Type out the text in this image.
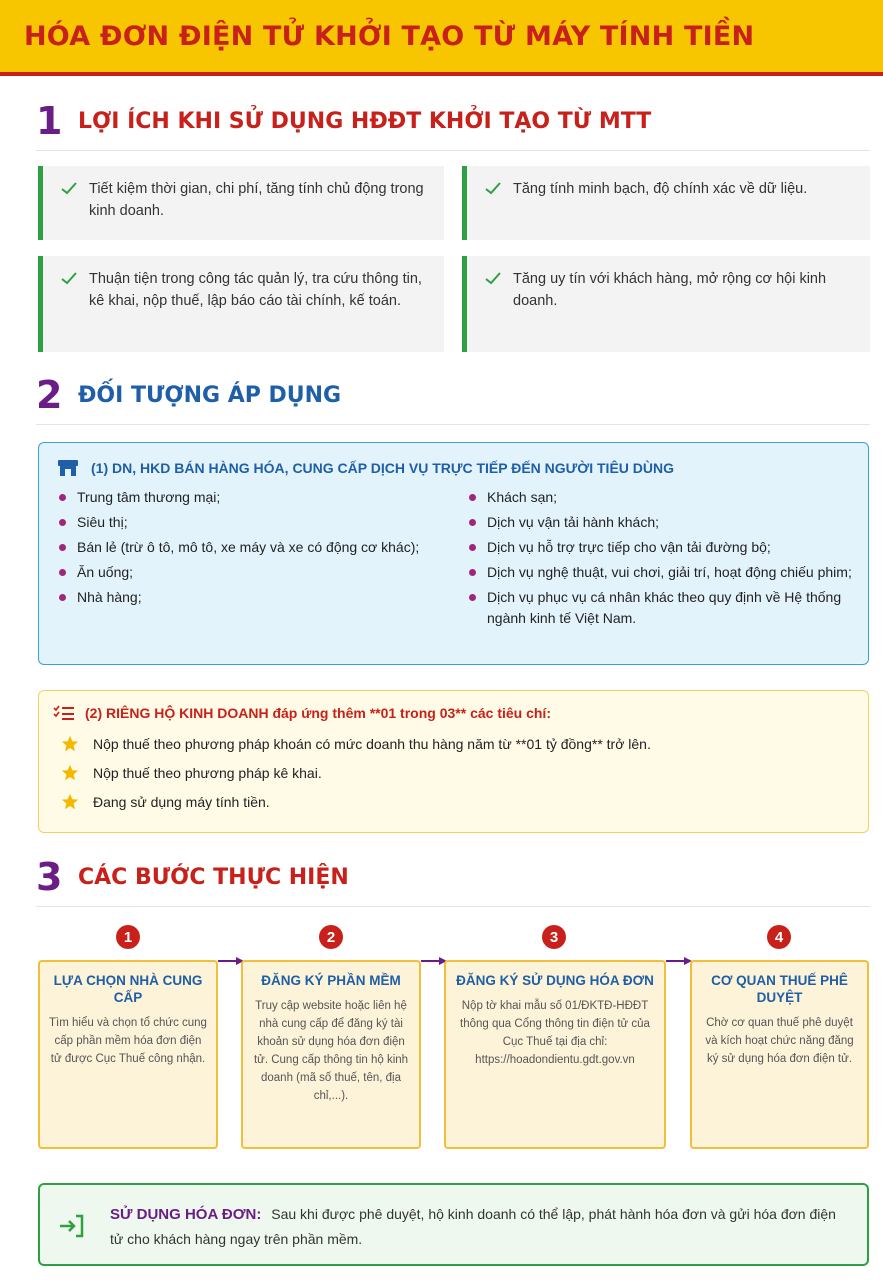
HÓA ĐƠN ĐIỆN TỬ KHỞI TẠO TỪ MÁY TÍNH TIỀN
1 LỢI ÍCH KHI SỬ DỤNG HĐĐT KHỞI TẠO TỪ MTT
Tiết kiệm thời gian, chi phí, tăng tính chủ động trong kinh doanh.
Tăng tính minh bạch, độ chính xác về dữ liệu.
Thuận tiện trong công tác quản lý, tra cứu thông tin, kê khai, nộp thuế, lập báo cáo tài chính, kế toán.
Tăng uy tín với khách hàng, mở rộng cơ hội kinh doanh.
2 ĐỐI TƯỢNG ÁP DỤNG
(1) DN, HKD BÁN HÀNG HÓA, CUNG CẤP DỊCH VỤ TRỰC TIẾP ĐẾN NGƯỜI TIÊU DÙNG
Trung tâm thương mại;
Siêu thị;
Bán lẻ (trừ ô tô, mô tô, xe máy và xe có động cơ khác);
Ăn uống;
Nhà hàng;
Khách sạn;
Dịch vụ vận tải hành khách;
Dịch vụ hỗ trợ trực tiếp cho vận tải đường bộ;
Dịch vụ nghệ thuật, vui chơi, giải trí, hoạt động chiếu phim;
Dịch vụ phục vụ cá nhân khác theo quy định về Hệ thống ngành kinh tế Việt Nam.
(2) RIÊNG HỘ KINH DOANH đáp ứng thêm **01 trong 03** các tiêu chí:
Nộp thuế theo phương pháp khoán có mức doanh thu hàng năm từ **01 tỷ đồng** trở lên.
Nộp thuế theo phương pháp kê khai.
Đang sử dụng máy tính tiền.
3 CÁC BƯỚC THỰC HIỆN
1	2	3	4
LỰA CHỌN NHÀ CUNG CẤP
Tìm hiểu và chọn tổ chức cung cấp phần mềm hóa đơn điện tử được Cục Thuế công nhận.
ĐĂNG KÝ PHẦN MỀM
Truy cập website hoặc liên hệ nhà cung cấp để đăng ký tài khoản sử dụng hóa đơn điện tử. Cung cấp thông tin hộ kinh doanh (mã số thuế, tên, địa chỉ,...).
ĐĂNG KÝ SỬ DỤNG HÓA ĐƠN
Nộp tờ khai mẫu số 01/ĐKTĐ-HĐĐT thông qua Cổng thông tin điện tử của Cục Thuế tại địa chỉ: https://hoadondientu.gdt.gov.vn
CƠ QUAN THUẾ PHÊ DUYỆT
Chờ cơ quan thuế phê duyệt và kích hoạt chức năng đăng ký sử dụng hóa đơn điện tử.
SỬ DỤNG HÓA ĐƠN: Sau khi được phê duyệt, hộ kinh doanh có thể lập, phát hành hóa đơn và gửi hóa đơn điện tử cho khách hàng ngay trên phần mềm.
